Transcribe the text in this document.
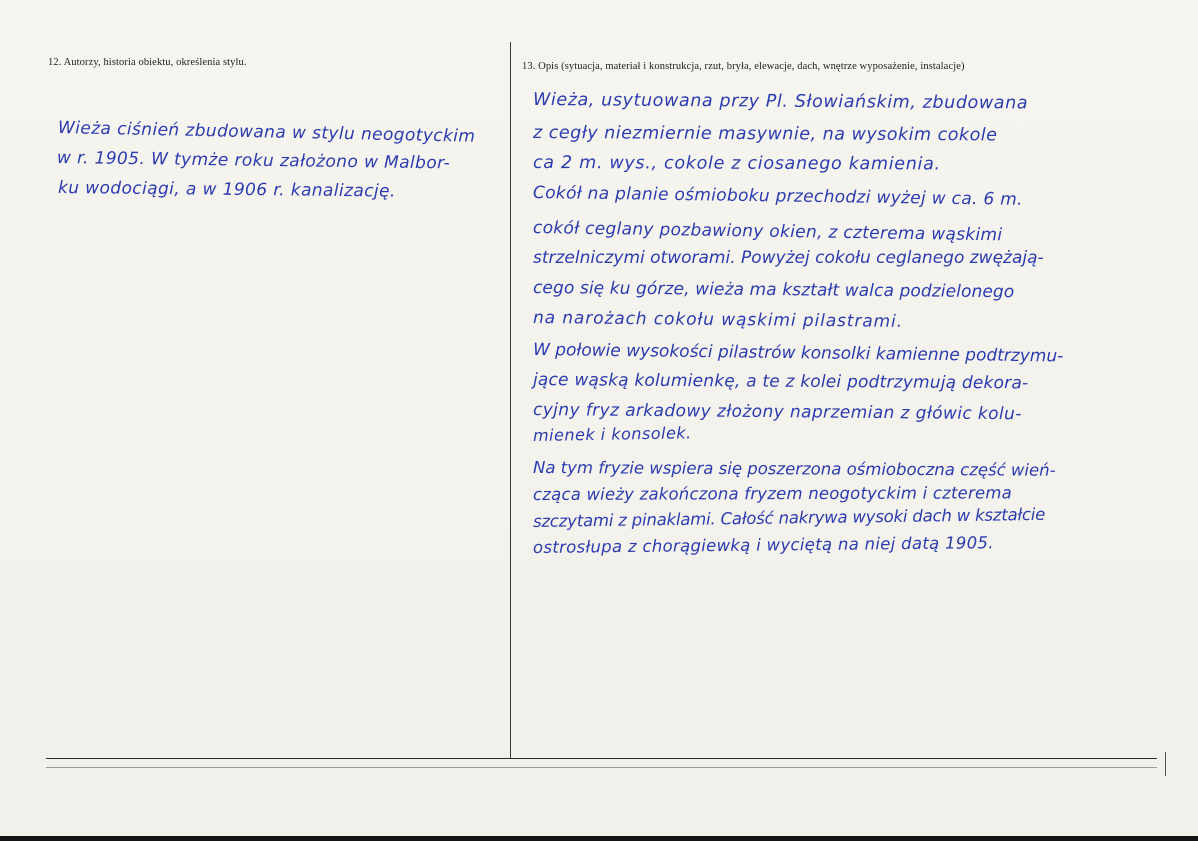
12. Autorzy, historia obiektu, określenia stylu.	13. Opis (sytuacja, materiał i konstrukcja, rzut, bryła, elewacje, dach, wnętrze wyposażenie, instalacje)
Wieża ciśnień zbudowana w stylu neogotyckim
w r. 1905. W tymże roku założono w Malbor-
ku wodociągi, a w 1906 r. kanalizację.
Wieża, usytuowana przy Pl. Słowiańskim, zbudowana
z cegły niezmiernie masywnie, na wysokim cokole
ca 2 m. wys., cokole z ciosanego kamienia.
Cokół na planie ośmioboku przechodzi wyżej w ca. 6 m.
cokół ceglany pozbawiony okien, z czterema wąskimi
strzelniczymi otworami. Powyżej cokołu ceglanego zwężają-
cego się ku górze, wieża ma kształt walca podzielonego
na narożach cokołu wąskimi pilastrami.
W połowie wysokości pilastrów konsolki kamienne podtrzymu-
jące wąską kolumienkę, a te z kolei podtrzymują dekora-
cyjny fryz arkadowy złożony naprzemian z główic kolu-
mienek i konsolek.
Na tym fryzie wspiera się poszerzona ośmioboczna część wień-
cząca wieży zakończona fryzem neogotyckim i czterema
szczytami z pinaklami. Całość nakrywa wysoki dach w kształcie
ostrosłupa z chorągiewką i wyciętą na niej datą 1905.
